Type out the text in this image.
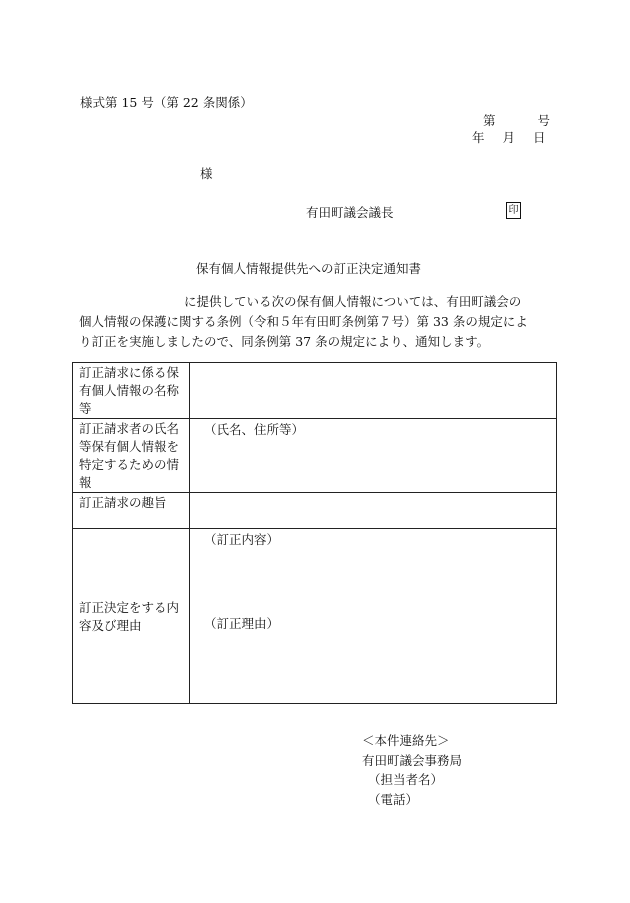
様式第 15 号（第 22 条関係）
第	号
年 月 日
様
有田町議会議長	印
保有個人情報提供先への訂正決定通知書
に提供している次の保有個人情報については、有田町議会の
個人情報の保護に関する条例（令和５年有田町条例第７号）第 33 条の規定によ
り訂正を実施しましたので、同条例第 37 条の規定により、通知します。
訂正請求に係る保有個人情報の名称等	
訂正請求者の氏名等保有個人情報を特定するための情報	（氏名、住所等）
訂正請求の趣旨	
訂正決定をする内容及び理由	（訂正内容）
（訂正理由）
＜本件連絡先＞
有田町議会事務局
（担当者名）
（電話）
